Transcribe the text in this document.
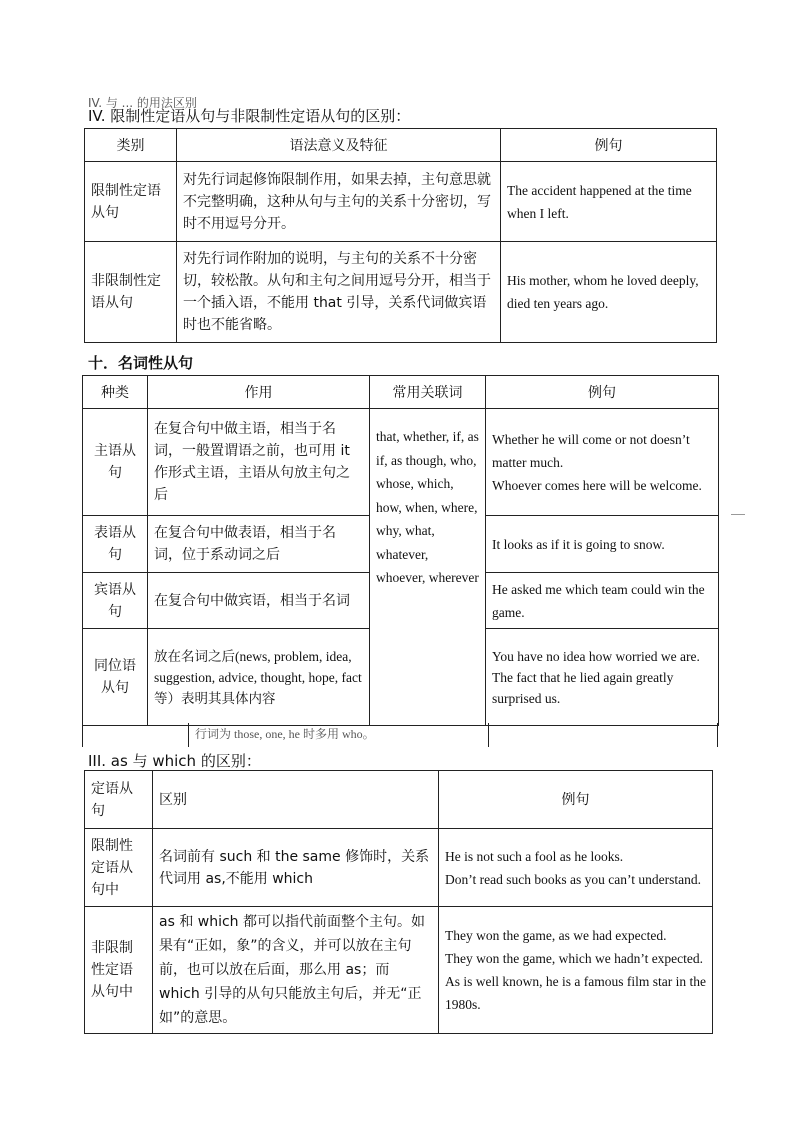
IV. 与 ... 的用法区别
IV. 限制性定语从句与非限制性定语从句的区别：
类别	语法意义及特征	例句
限制性定语从句	对先行词起修饰限制作用，如果去掉，主句意思就不完整明确，这种从句与主句的关系十分密切，写时不用逗号分开。	The accident happened at the time when I left.
非限制性定语从句	对先行词作附加的说明，与主句的关系不十分密切，较松散。从句和主句之间用逗号分开，相当于一个插入语，不能用 that 引导，关系代词做宾语时也不能省略。	His mother, whom he loved deeply, died ten years ago.
十．名词性从句
种类	作用	常用关联词	例句
主语从句	在复合句中做主语，相当于名词，一般置谓语之前，也可用 it 作形式主语，主语从句放主句之后	that, whether, if, as if, as though, who, whose, which, how, when, where, why, what, whatever, whoever, wherever	Whether he will come or not doesn’t matter much.
Whoever comes here will be welcome.
表语从句	在复合句中做表语，相当于名词，位于系动词之后		It looks as if it is going to snow.
宾语从句	在复合句中做宾语，相当于名词		He asked me which team could win the game.
同位语从句	放在名词之后(news, problem, idea, suggestion, advice, thought, hope, fact 等）表明其具体内容		You have no idea how worried we are.
The fact that he lied again greatly surprised us.
行词为 those, one, he 时多用 who。
III. as 与 which 的区别：
定语从句	区别	例句
限制性定语从句中	名词前有 such 和 the same 修饰时，关系代词用 as,不能用 which	He is not such a fool as he looks.
Don’t read such books as you can’t understand.
非限制性定语从句中	as 和 which 都可以指代前面整个主句。如果有“正如，象”的含义，并可以放在主句前，也可以放在后面，那么用 as；而 which 引导的从句只能放主句后，并无“正如”的意思。	They won the game, as we had expected.
They won the game, which we hadn’t expected.
As is well known, he is a famous film star in the 1980s.
